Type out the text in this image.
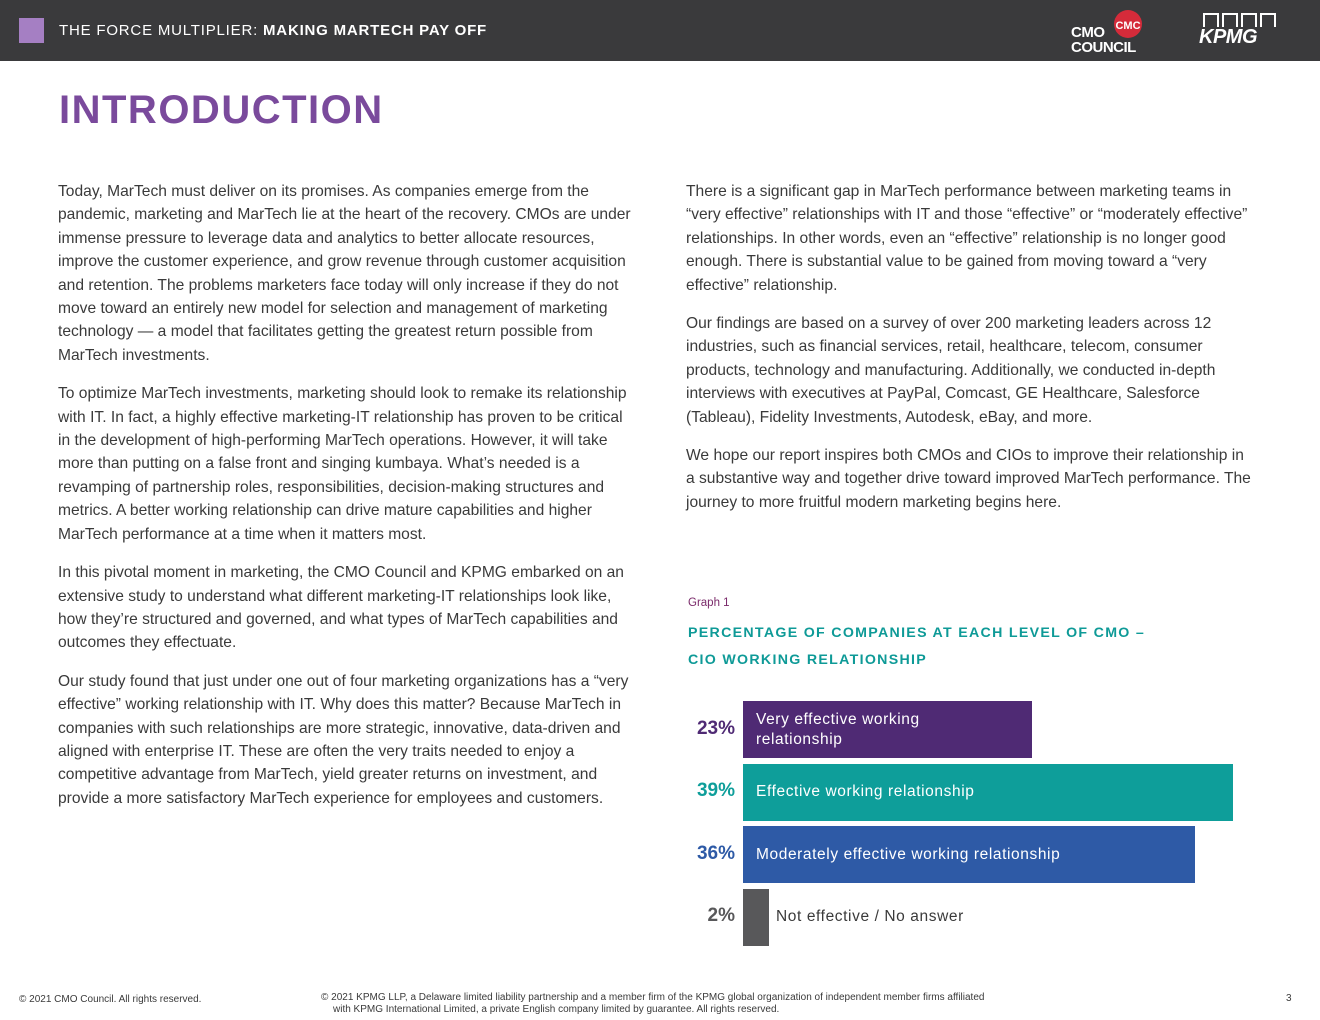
THE FORCE MULTIPLIER: MAKING MARTECH PAY OFF	CMO
COUNCIL
CMC	KPMG
INTRODUCTION

Today, MarTech must deliver on its promises. As companies emerge from the pandemic, marketing and MarTech lie at the heart of the recovery. CMOs are under immense pressure to leverage data and analytics to better allocate resources, improve the customer experience, and grow revenue through customer acquisition and retention. The problems marketers face today will only increase if they do not move toward an entirely new model for selection and management of marketing technology — a model that facilitates getting the greatest return possible from MarTech investments.

To optimize MarTech investments, marketing should look to remake its relationship with IT. In fact, a highly effective marketing-IT relationship has proven to be critical in the development of high-performing MarTech operations. However, it will take more than putting on a false front and singing kumbaya. What’s needed is a revamping of partnership roles, responsibilities, decision-making structures and metrics. A better working relationship can drive mature capabilities and higher MarTech performance at a time when it matters most.

In this pivotal moment in marketing, the CMO Council and KPMG embarked on an extensive study to understand what different marketing-IT relationships look like, how they’re structured and governed, and what types of MarTech capabilities and outcomes they effectuate.

Our study found that just under one out of four marketing organizations has a “very effective” working relationship with IT. Why does this matter? Because MarTech in companies with such relationships are more strategic, innovative, data-driven and aligned with enterprise IT. These are often the very traits needed to enjoy a competitive advantage from MarTech, yield greater returns on investment, and provide a more satisfactory MarTech experience for employees and customers.

There is a significant gap in MarTech performance between marketing teams in “very effective” relationships with IT and those “effective” or “moderately effective” relationships. In other words, even an “effective” relationship is no longer good enough. There is substantial value to be gained from moving toward a “very effective” relationship.

Our findings are based on a survey of over 200 marketing leaders across 12 industries, such as financial services, retail, healthcare, telecom, consumer products, technology and manufacturing. Additionally, we conducted in-depth interviews with executives at PayPal, Comcast, GE Healthcare, Salesforce (Tableau), Fidelity Investments, Autodesk, eBay, and more.

We hope our report inspires both CMOs and CIOs to improve their relationship in a substantive way and together drive toward improved MarTech performance. The journey to more fruitful modern marketing begins here.

Graph 1
PERCENTAGE OF COMPANIES AT EACH LEVEL OF CMO – CIO WORKING RELATIONSHIP
23% Very effective working relationship
39% Effective working relationship
36% Moderately effective working relationship
2%	Not effective / No answer
© 2021 CMO Council. All rights reserved.	© 2021 KPMG LLP, a Delaware limited liability partnership and a member firm of the KPMG global organization of independent member firms affiliated
with KPMG International Limited, a private English company limited by guarantee. All rights reserved.
3
